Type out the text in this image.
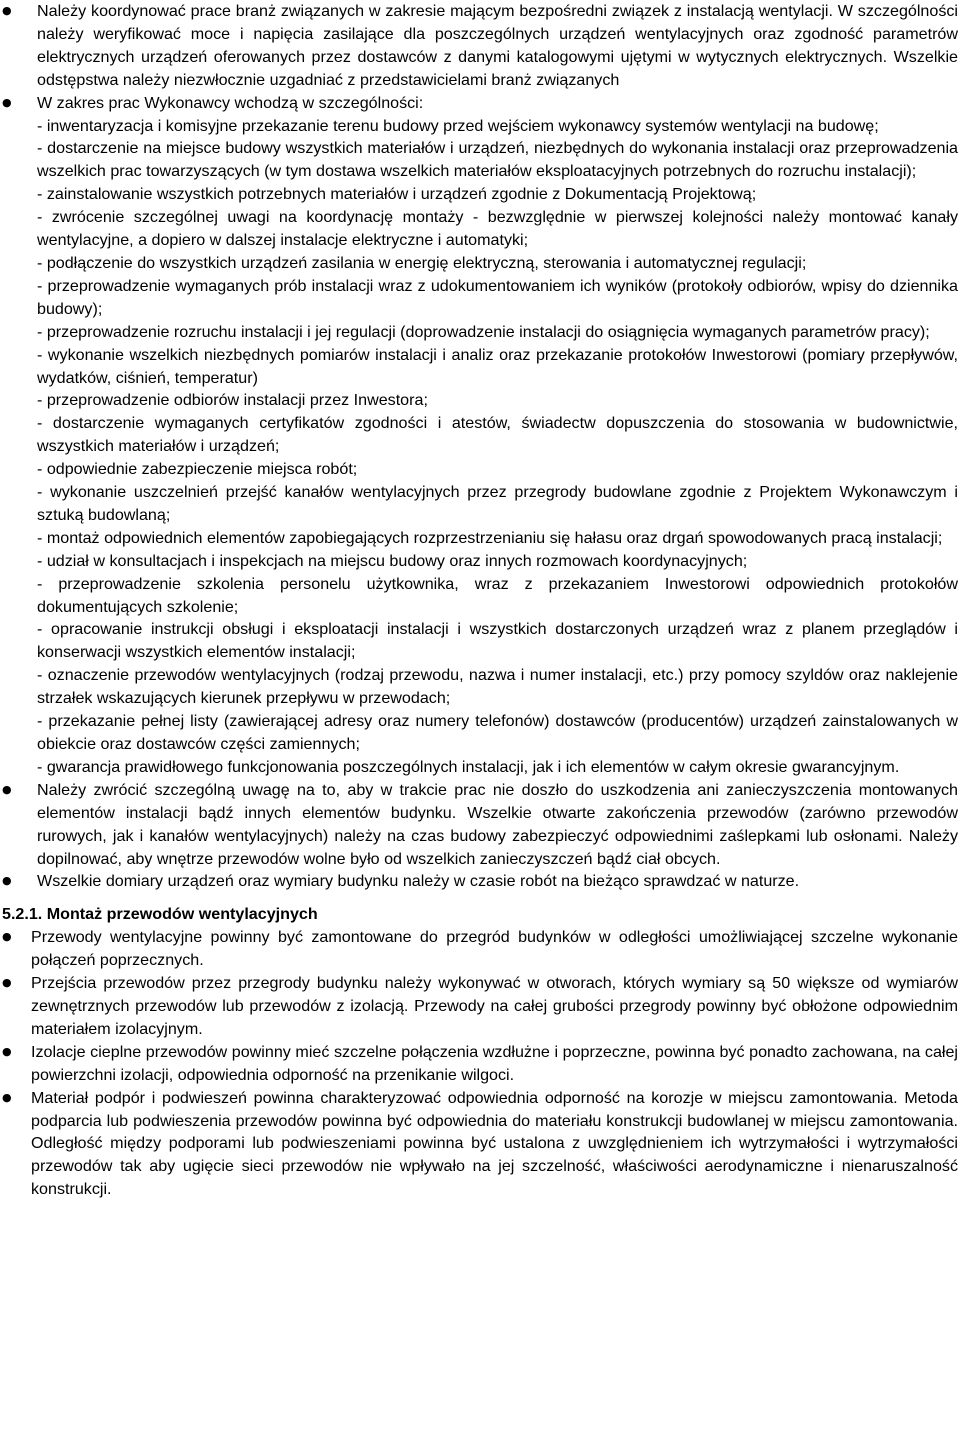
● Należy koordynować prace branż związanych w zakresie mającym bezpośredni związek z instalacją wentylacji. W szczególności należy weryfikować moce i napięcia zasilające dla poszczególnych urządzeń wentylacyjnych oraz zgodność parametrów elektrycznych urządzeń oferowanych przez dostawców z danymi katalogowymi ujętymi w wytycznych elektrycznych. Wszelkie odstępstwa należy niezwłocznie uzgadniać z przedstawicielami branż związanych
● W zakres prac Wykonawcy wchodzą w szczególności:
- inwentaryzacja i komisyjne przekazanie terenu budowy przed wejściem wykonawcy systemów wentylacji na budowę;
- dostarczenie na miejsce budowy wszystkich materiałów i urządzeń, niezbędnych do wykonania instalacji oraz przeprowadzenia wszelkich prac towarzyszących (w tym dostawa wszelkich materiałów eksploatacyjnych potrzebnych do rozruchu instalacji);
- zainstalowanie wszystkich potrzebnych materiałów i urządzeń zgodnie z Dokumentacją Projektową;
- zwrócenie szczególnej uwagi na koordynację montaży - bezwzględnie w pierwszej kolejności należy montować kanały wentylacyjne, a dopiero w dalszej instalacje elektryczne i automatyki;
- podłączenie do wszystkich urządzeń zasilania w energię elektryczną, sterowania i automatycznej regulacji;
- przeprowadzenie wymaganych prób instalacji wraz z udokumentowaniem ich wyników (protokoły odbiorów, wpisy do dziennika budowy);
- przeprowadzenie rozruchu instalacji i jej regulacji (doprowadzenie instalacji do osiągnięcia wymaganych parametrów pracy);
- wykonanie wszelkich niezbędnych pomiarów instalacji i analiz oraz przekazanie protokołów Inwestorowi (pomiary przepływów, wydatków, ciśnień, temperatur)
- przeprowadzenie odbiorów instalacji przez Inwestora;
- dostarczenie wymaganych certyfikatów zgodności i atestów, świadectw dopuszczenia do stosowania w budownictwie, wszystkich materiałów i urządzeń;
- odpowiednie zabezpieczenie miejsca robót;
- wykonanie uszczelnień przejść kanałów wentylacyjnych przez przegrody budowlane zgodnie z Projektem Wykonawczym i sztuką budowlaną;
- montaż odpowiednich elementów zapobiegających rozprzestrzenianiu się hałasu oraz drgań spowodowanych pracą instalacji;
- udział w konsultacjach i inspekcjach na miejscu budowy oraz innych rozmowach koordynacyjnych;
- przeprowadzenie szkolenia personelu użytkownika, wraz z przekazaniem Inwestorowi odpowiednich protokołów dokumentujących szkolenie;
- opracowanie instrukcji obsługi i eksploatacji instalacji i wszystkich dostarczonych urządzeń wraz z planem przeglądów i konserwacji wszystkich elementów instalacji;
- oznaczenie przewodów wentylacyjnych (rodzaj przewodu, nazwa i numer instalacji, etc.) przy pomocy szyldów oraz naklejenie strzałek wskazujących kierunek przepływu w przewodach;
- przekazanie pełnej listy (zawierającej adresy oraz numery telefonów) dostawców (producentów) urządzeń zainstalowanych w obiekcie oraz dostawców części zamiennych;
- gwarancja prawidłowego funkcjonowania poszczególnych instalacji, jak i ich elementów w całym okresie gwarancyjnym.
● Należy zwrócić szczególną uwagę na to, aby w trakcie prac nie doszło do uszkodzenia ani zanieczyszczenia montowanych elementów instalacji bądź innych elementów budynku. Wszelkie otwarte zakończenia przewodów (zarówno przewodów rurowych, jak i kanałów wentylacyjnych) należy na czas budowy zabezpieczyć odpowiednimi zaślepkami lub osłonami. Należy dopilnować, aby wnętrze przewodów wolne było od wszelkich zanieczyszczeń bądź ciał obcych.
● Wszelkie domiary urządzeń oraz wymiary budynku należy w czasie robót na bieżąco sprawdzać w naturze.
5.2.1. Montaż przewodów wentylacyjnych
● Przewody wentylacyjne powinny być zamontowane do przegród budynków w odległości umożliwiającej szczelne wykonanie połączeń poprzecznych.
● Przejścia przewodów przez przegrody budynku należy wykonywać w otworach, których wymiary są 50 większe od wymiarów zewnętrznych przewodów lub przewodów z izolacją. Przewody na całej grubości przegrody powinny być obłożone odpowiednim materiałem izolacyjnym.
● Izolacje cieplne przewodów powinny mieć szczelne połączenia wzdłużne i poprzeczne, powinna być ponadto zachowana, na całej powierzchni izolacji, odpowiednia odporność na przenikanie wilgoci.
● Materiał podpór i podwieszeń powinna charakteryzować odpowiednia odporność na korozje w miejscu zamontowania. Metoda podparcia lub podwieszenia przewodów powinna być odpowiednia do materiału konstrukcji budowlanej w miejscu zamontowania. Odległość między podporami lub podwieszeniami powinna być ustalona z uwzględnieniem ich wytrzymałości i wytrzymałości przewodów tak aby ugięcie sieci przewodów nie wpływało na jej szczelność, właściwości aerodynamiczne i nienaruszalność konstrukcji.
